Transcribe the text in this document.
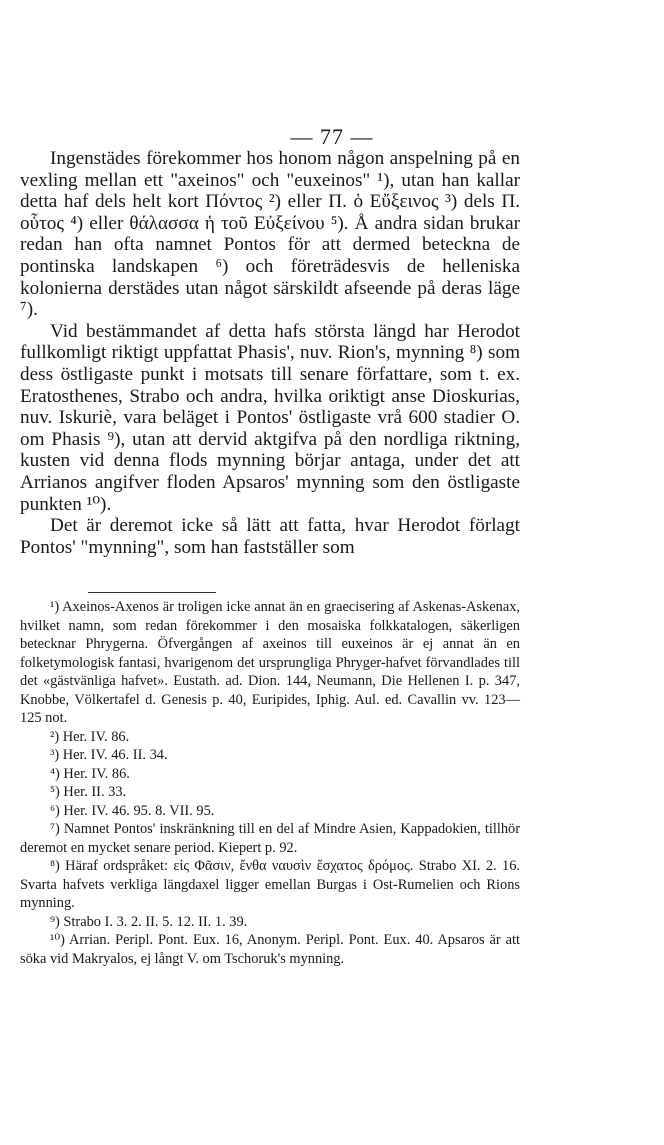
— 77 —

Ingenstädes förekommer hos honom någon anspelning på en vexling mellan ett "axeinos" och "euxeinos" ¹), utan han kallar detta haf dels helt kort Πόντος ²) eller Π. ὁ Εὔξεινος ³) dels Π. οὗτος ⁴) eller θάλασσα ἡ τοῦ Εὐξείνου ⁵). Å andra sidan brukar redan han ofta namnet Pontos för att dermed beteckna de pontinska landskapen ⁶) och företrädesvis de helleniska kolonierna derstädes utan något särskildt afseende på deras läge ⁷).

Vid bestämmandet af detta hafs största längd har Herodot fullkomligt riktigt uppfattat Phasis', nuv. Rion's, mynning ⁸) som dess östligaste punkt i motsats till senare författare, som t. ex. Eratosthenes, Strabo och andra, hvilka oriktigt anse Dioskurias, nuv. Iskuriè, vara beläget i Pontos' östligaste vrå 600 stadier O. om Phasis ⁹), utan att dervid aktgifva på den nordliga riktning, kusten vid denna flods mynning börjar antaga, under det att Arrianos angifver floden Apsaros' mynning som den östligaste punkten ¹⁰).

Det är deremot icke så lätt att fatta, hvar Herodot förlagt Pontos' "mynning", som han fastställer som

¹) Axeinos-Axenos är troligen icke annat än en graecisering af Askenas-Askenax, hvilket namn, som redan förekommer i den mosaiska folkkatalogen, säkerligen betecknar Phrygerna. Öfvergången af axeinos till euxeinos är ej annat än en folketymologisk fantasi, hvarigenom det ursprungliga Phryger-hafvet förvandlades till det «gästvänliga hafvet». Eustath. ad. Dion. 144, Neumann, Die Hellenen I. p. 347, Knobbe, Völkertafel d. Genesis p. 40, Euripides, Iphig. Aul. ed. Cavallin vv. 123—125 not.

²) Her. IV. 86.

³) Her. IV. 46. II. 34.

⁴) Her. IV. 86.

⁵) Her. II. 33.

⁶) Her. IV. 46. 95. 8. VII. 95.

⁷) Namnet Pontos' inskränkning till en del af Mindre Asien, Kappadokien, tillhör deremot en mycket senare period. Kiepert p. 92.

⁸) Häraf ordspråket: εἰς Φᾶσιν, ἔνθα ναυσὶν ἔσχατος δρόμος. Strabo XI. 2. 16. Svarta hafvets verkliga längdaxel ligger emellan Burgas i Ost-Rumelien och Rions mynning.

⁹) Strabo I. 3. 2. II. 5. 12. II. 1. 39.

¹⁰) Arrian. Peripl. Pont. Eux. 16, Anonym. Peripl. Pont. Eux. 40. Apsaros är att söka vid Makryalos, ej långt V. om Tschoruk's mynning.
